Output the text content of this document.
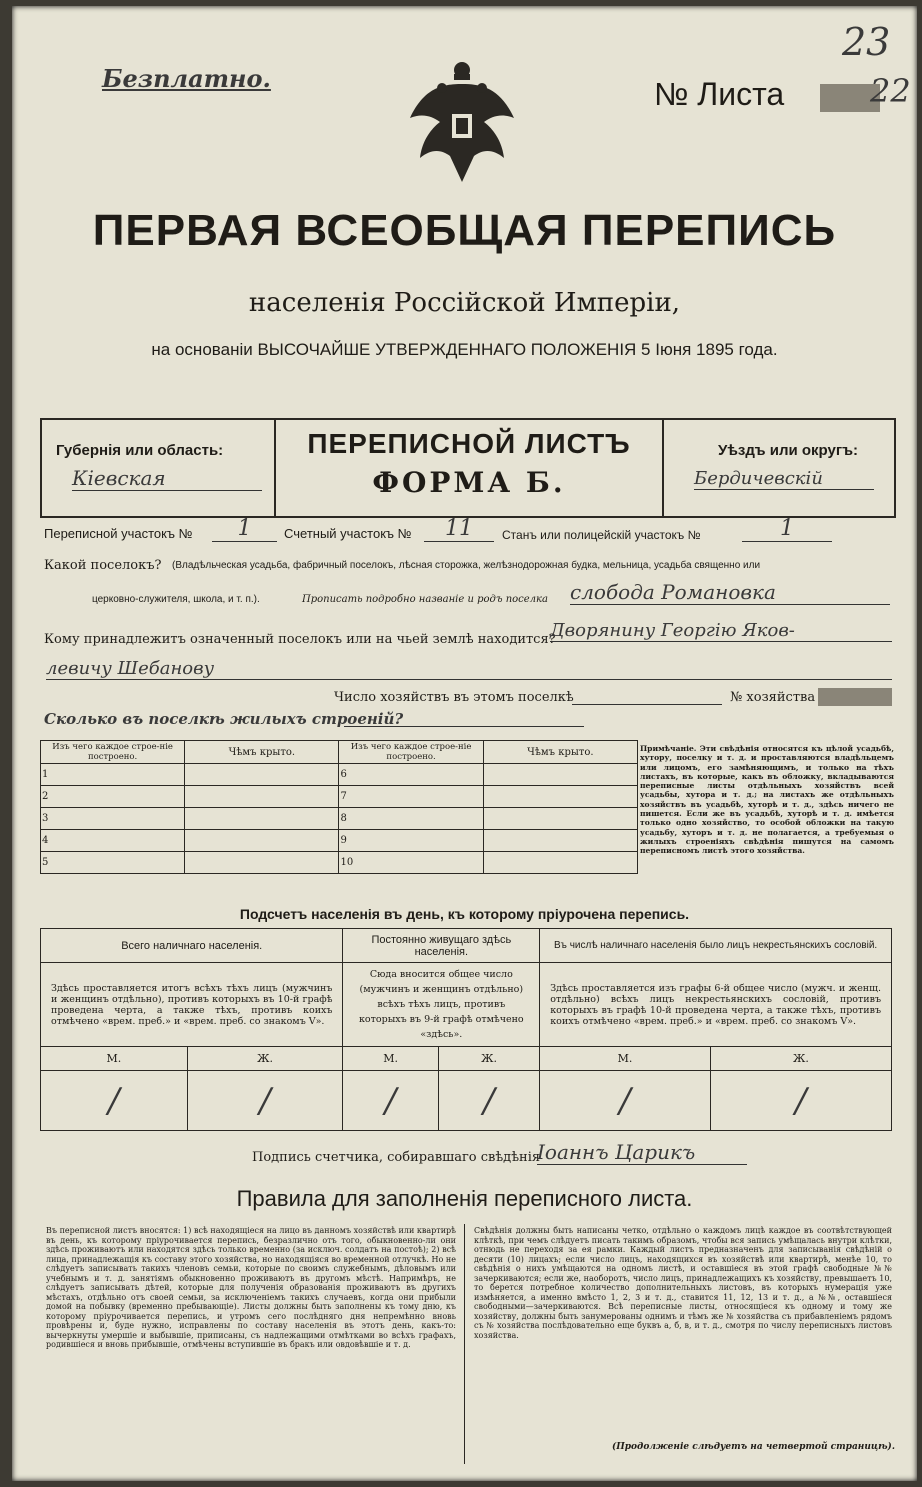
Безплатно.	№ Листа	22
23
ПЕРВАЯ ВСЕОБЩАЯ ПЕРЕПИСЬ
населенія Россійской Имперіи,
на основаніи ВЫСОЧАЙШЕ УТВЕРЖДЕННАГО ПОЛОЖЕНІЯ 5 Іюня 1895 года.
Губернія или область:
Кіевская
ПЕРЕПИСНОЙ ЛИСТЪ
ФОРМА Б.
Уѣздъ или округъ:
Бердичевскій
Переписной участокъ №	1	Счетный участокъ №	11	Станъ или полицейскій участокъ №	1
Какой поселокъ? (Владѣльческая усадьба, фабричный поселокъ, лѣсная сторожка, желѣзнодорожная будка, мельница, усадьба священно или
церковно-служителя, школа, и т. п.).	Прописать подробно названіе и родъ поселка слобода Романовка
Кому принадлежитъ означенный поселокъ или на чьей землѣ находится?
Дворянину Георгію Яков-
левичу Шебанову
Число хозяйствъ въ этомъ поселкѣ	№ хозяйства
Сколько въ поселкѣ жилыхъ строеній?
Изъ чего каждое строе-ніе построено.	Чѣмъ крыто.	Изъ чего каждое строе-ніе построено.	Чѣмъ крыто.
1		6	
2		7	
3		8	
4		9	
5		10	
Примѣчаніе. Эти свѣдѣнія относятся къ цѣлой усадьбѣ, хутору, поселку и т. д. и проставляются владѣльцемъ или лицомъ, его замѣняющимъ, и только на тѣхъ листахъ, въ которые, какъ въ обложку, вкладываются переписные листы отдѣльныхъ хозяйствъ всей усадьбы, хутора и т. д.; на листахъ же отдѣльныхъ хозяйствъ въ усадьбѣ, хуторѣ и т. д., здѣсь ничего не пишется. Если же въ усадьбѣ, хуторѣ и т. д. имѣется только одно хозяйство, то особой обложки на такую усадьбу, хуторъ и т. д. не полагается, а требуемыя о жилыхъ строеніяхъ свѣдѣнія пишутся на самомъ переписномъ листѣ этого хозяйства.
Подсчетъ населенія въ день, къ которому пріурочена перепись.
Всего наличнаго населенія.		Постоянно живущаго здѣсь населенія.		Въ числѣ наличнаго населенія было лицъ некрестьянскихъ сословій.	
Здѣсь проставляется итогъ всѣхъ тѣхъ лицъ (мужчинъ и женщинъ отдѣльно), противъ которыхъ въ 10-й графѣ проведена черта, а также тѣхъ, противъ коихъ отмѣчено «врем. преб.» и «врем. преб. со знакомъ V».		Сюда вносится общее число (мужчинъ и женщинъ отдѣльно) всѣхъ тѣхъ лицъ, противъ которыхъ въ 9-й графѣ отмѣчено «здѣсь».		Здѣсь проставляется изъ графы 6-й общее число (мужч. и женщ. отдѣльно) всѣхъ лицъ некрестьянскихъ сословій, противъ которыхъ въ графѣ 10-й проведена черта, а также тѣхъ, противъ коихъ отмѣчено «врем. преб.» и «врем. преб. со знакомъ V».	
М.	Ж.	М.	Ж.	М.	Ж.
/	/	/	/	/	/
Подпись счетчика, собиравшаго свѣдѣнія
Іоаннъ Царикъ
Правила для заполненія переписного листа.
Въ переписной листъ вносятся: 1) всѣ находящіеся на лицо въ данномъ хозяйствѣ или квартирѣ въ день, къ которому пріурочивается перепись, безразлично отъ того, обыкновенно-ли они здѣсь проживаютъ или находятся здѣсь только временно (за исключ. солдатъ на постоѣ); 2) всѣ лица, принадлежащія къ составу этого хозяйства, но находящіяся во временной отлучкѣ. Но не слѣдуетъ записывать такихъ членовъ семьи, которые по своимъ служебнымъ, дѣловымъ или учебнымъ и т. д. занятіямъ обыкновенно проживаютъ въ другомъ мѣстѣ. Напримѣръ, не слѣдуетъ записывать дѣтей, которые для полученія образованія проживаютъ въ другихъ мѣстахъ, отдѣльно отъ своей семьи, за исключеніемъ такихъ случаевъ, когда они прибыли домой на побывку (временно пребывающіе). Листы должны быть заполнены къ тому дню, къ которому пріурочивается перепись, и утромъ сего послѣдняго дня непремѣнно вновь провѣрены и, буде нужно, исправлены по составу населенія въ этотъ день, какъ-то: вычеркнуты умершіе и выбывшіе, приписаны, съ надлежащими отмѣтками во всѣхъ графахъ, родившіеся и вновь прибывшіе, отмѣчены вступившіе въ бракъ или овдовѣвшіе и т. д.
Свѣдѣнія должны быть написаны четко, отдѣльно о каждомъ лицѣ каждое въ соотвѣтствующей клѣткѣ, при чемъ слѣдуетъ писать такимъ образомъ, чтобы вся запись умѣщалась внутри клѣтки, отнюдь не переходя за ея рамки. Каждый листъ предназначенъ для записыванія свѣдѣній о десяти (10) лицахъ; если число лицъ, находящихся въ хозяйствѣ или квартирѣ, менѣе 10, то свѣдѣнія о нихъ умѣщаются на одномъ листѣ, и оставшіеся въ этой графѣ свободные №№ зачеркиваются; если же, наоборотъ, число лицъ, принадлежащихъ къ хозяйству, превышаетъ 10, то берется потребное количество дополнительныхъ листовъ, въ которыхъ нумерація уже измѣняется, а именно вмѣсто 1, 2, 3 и т. д., ставится 11, 12, 13 и т. д., а №№, оставшіеся свободными—зачеркиваются. Всѣ переписные листы, относящіеся къ одному и тому же хозяйству, должны быть занумерованы однимъ и тѣмъ же № хозяйства съ прибавленіемъ рядомъ съ № хозяйства послѣдовательно еще буквъ а, б, в, и т. д., смотря по числу переписныхъ листовъ хозяйства.
(Продолженіе слѣдуетъ на четвертой страницѣ).
